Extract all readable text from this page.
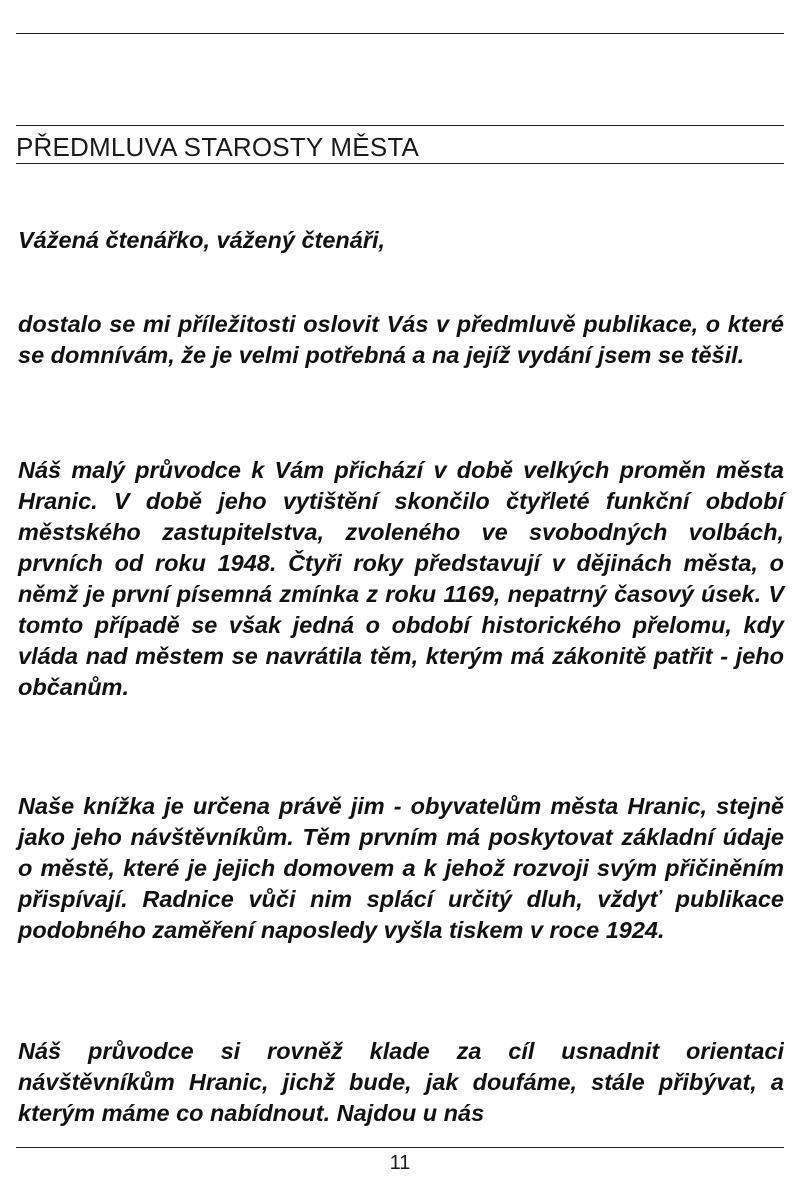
PŘEDMLUVA STAROSTY MĚSTA
Vážená čtenářko, vážený čtenáři,
dostalo se mi příležitosti oslovit Vás v předmluvě publikace, o které se domnívám, že je velmi potřebná a na jejíž vydání jsem se těšil.
Náš malý průvodce k Vám přichází v době velkých proměn města Hranic. V době jeho vytištění skončilo čtyřleté funkční období městského zastupitelstva, zvoleného ve svobodných volbách, prvních od roku 1948. Čtyři roky představují v dějinách města, o němž je první písemná zmínka z roku 1169, nepatrný časový úsek. V tomto případě se však jedná o období historického přelomu, kdy vláda nad městem se navrátila těm, kterým má zákonitě patřit - jeho občanům.
Naše knížka je určena právě jim - obyvatelům města Hranic, stejně jako jeho návštěvníkům. Těm prvním má poskytovat základní údaje o městě, které je jejich domovem a k jehož rozvoji svým přičiněním přispívají. Radnice vůči nim splácí určitý dluh, vždyť publikace podobného zaměření naposledy vyšla tiskem v roce 1924.
Náš průvodce si rovněž klade za cíl usnadnit orientaci návštěvníkům Hranic, jichž bude, jak doufáme, stále přibývat, a kterým máme co nabídnout. Najdou u nás
11
